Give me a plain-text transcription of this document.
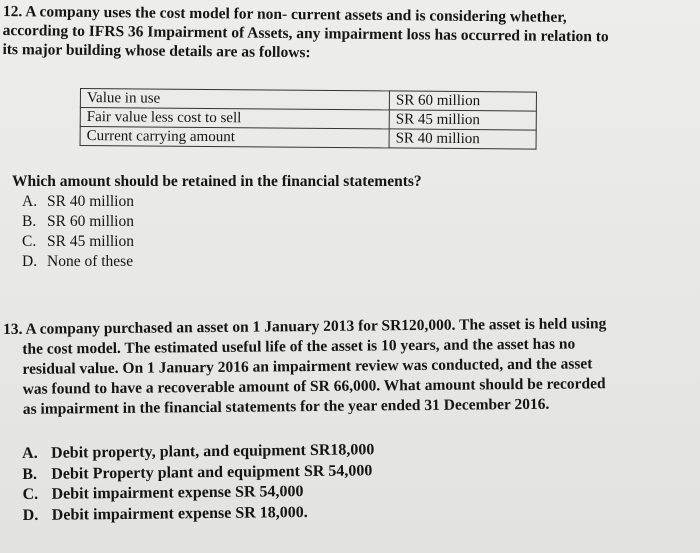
12. A company uses the cost model for non- current assets and is considering whether,
according to IFRS 36 Impairment of Assets, any impairment loss has occurred in relation to
its major building whose details are as follows:
Value in use	SR 60 million
Fair value less cost to sell	SR 45 million
Current carrying amount	SR 40 million
Which amount should be retained in the financial statements?
A. SR 40 million
B. SR 60 million
C. SR 45 million
D. None of these
13. A company purchased an asset on 1 January 2013 for SR120,000. The asset is held using
the cost model. The estimated useful life of the asset is 10 years, and the asset has no
residual value. On 1 January 2016 an impairment review was conducted, and the asset
was found to have a recoverable amount of SR 66,000. What amount should be recorded
as impairment in the financial statements for the year ended 31 December 2016.
A. Debit property, plant, and equipment SR18,000
B. Debit Property plant and equipment SR 54,000
C. Debit impairment expense SR 54,000
D. Debit impairment expense SR 18,000.
